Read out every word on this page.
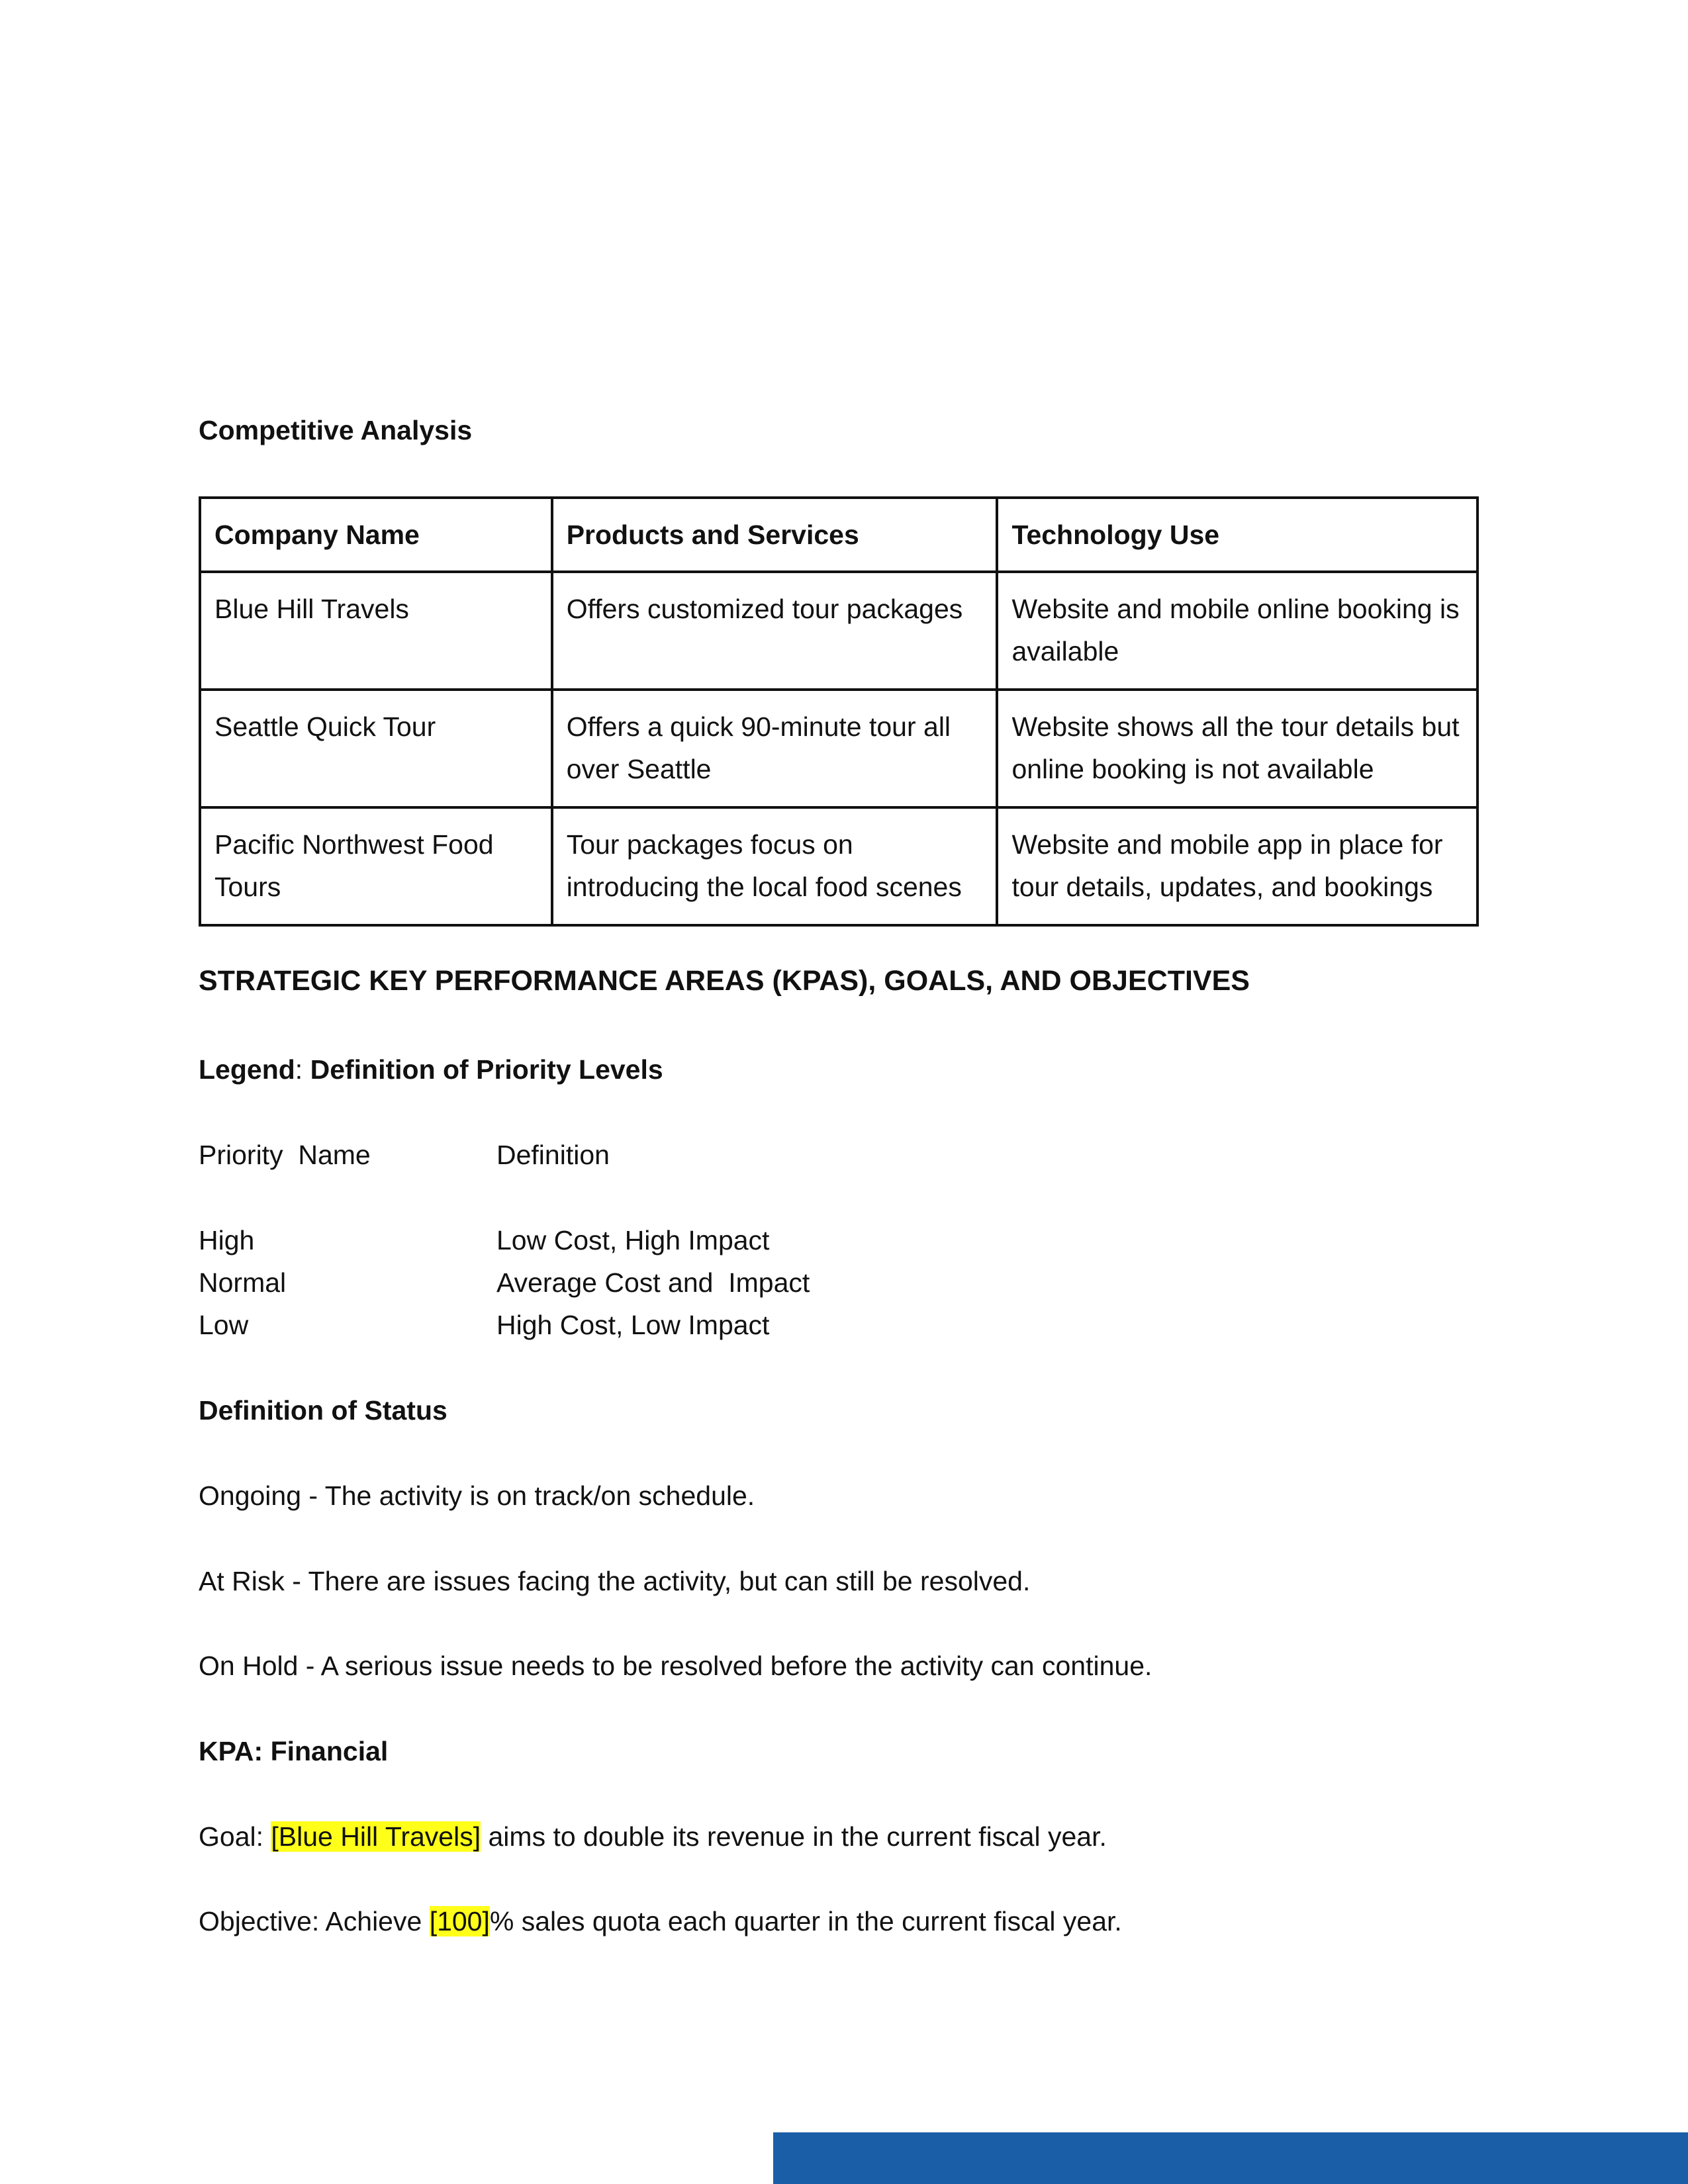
Competitive Analysis
Company Name	Products and Services	Technology Use
Blue Hill Travels	Offers customized tour packages	Website and mobile online booking is available
Seattle Quick Tour	Offers a quick 90-minute tour all over Seattle	Website shows all the tour details but online booking is not available
Pacific Northwest Food Tours	Tour packages focus on introducing the local food scenes	Website and mobile app in place for tour details, updates, and bookings
STRATEGIC KEY PERFORMANCE AREAS (KPAS), GOALS, AND OBJECTIVES
Legend: Definition of Priority Levels
Priority  Name	Definition
High	Low Cost, High Impact
Normal	Average Cost and  Impact
Low	High Cost, Low Impact
Definition of Status
Ongoing - The activity is on track/on schedule.
At Risk - There are issues facing the activity, but can still be resolved.
On Hold - A serious issue needs to be resolved before the activity can continue.
KPA: Financial
Goal: [Blue Hill Travels] aims to double its revenue in the current fiscal year.
Objective: Achieve [100]% sales quota each quarter in the current fiscal year.
